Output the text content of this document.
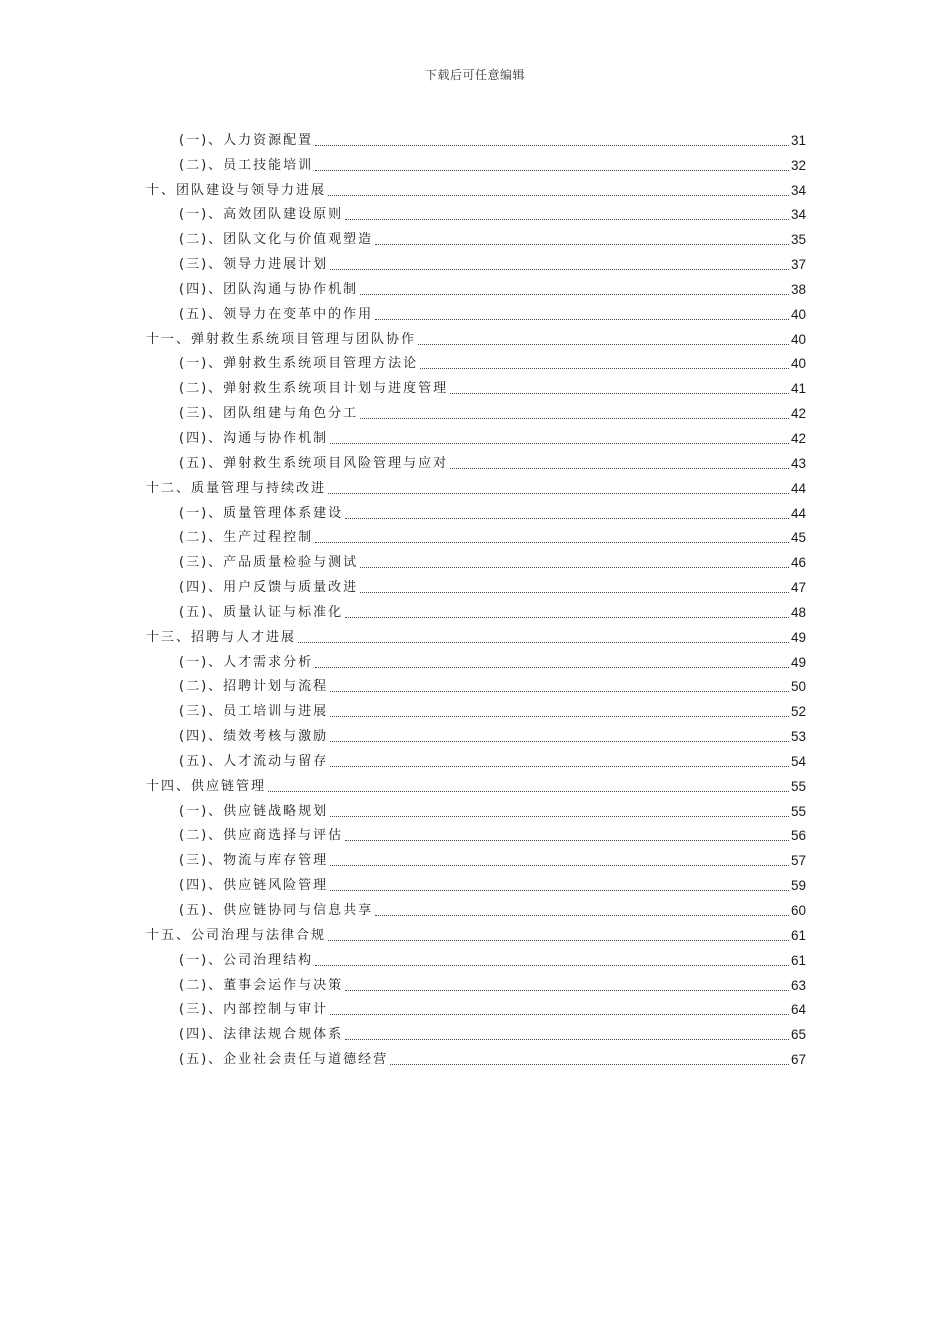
下载后可任意编辑
(一)、人力资源配置	31
(二)、员工技能培训	32
十、团队建设与领导力进展	34
(一)、高效团队建设原则	34
(二)、团队文化与价值观塑造	35
(三)、领导力进展计划	37
(四)、团队沟通与协作机制	38
(五)、领导力在变革中的作用	40
十一、弹射救生系统项目管理与团队协作	40
(一)、弹射救生系统项目管理方法论	40
(二)、弹射救生系统项目计划与进度管理	41
(三)、团队组建与角色分工	42
(四)、沟通与协作机制	42
(五)、弹射救生系统项目风险管理与应对	43
十二、质量管理与持续改进	44
(一)、质量管理体系建设	44
(二)、生产过程控制	45
(三)、产品质量检验与测试	46
(四)、用户反馈与质量改进	47
(五)、质量认证与标准化	48
十三、招聘与人才进展	49
(一)、人才需求分析	49
(二)、招聘计划与流程	50
(三)、员工培训与进展	52
(四)、绩效考核与激励	53
(五)、人才流动与留存	54
十四、供应链管理	55
(一)、供应链战略规划	55
(二)、供应商选择与评估	56
(三)、物流与库存管理	57
(四)、供应链风险管理	59
(五)、供应链协同与信息共享	60
十五、公司治理与法律合规	61
(一)、公司治理结构	61
(二)、董事会运作与决策	63
(三)、内部控制与审计	64
(四)、法律法规合规体系	65
(五)、企业社会责任与道德经营	67
